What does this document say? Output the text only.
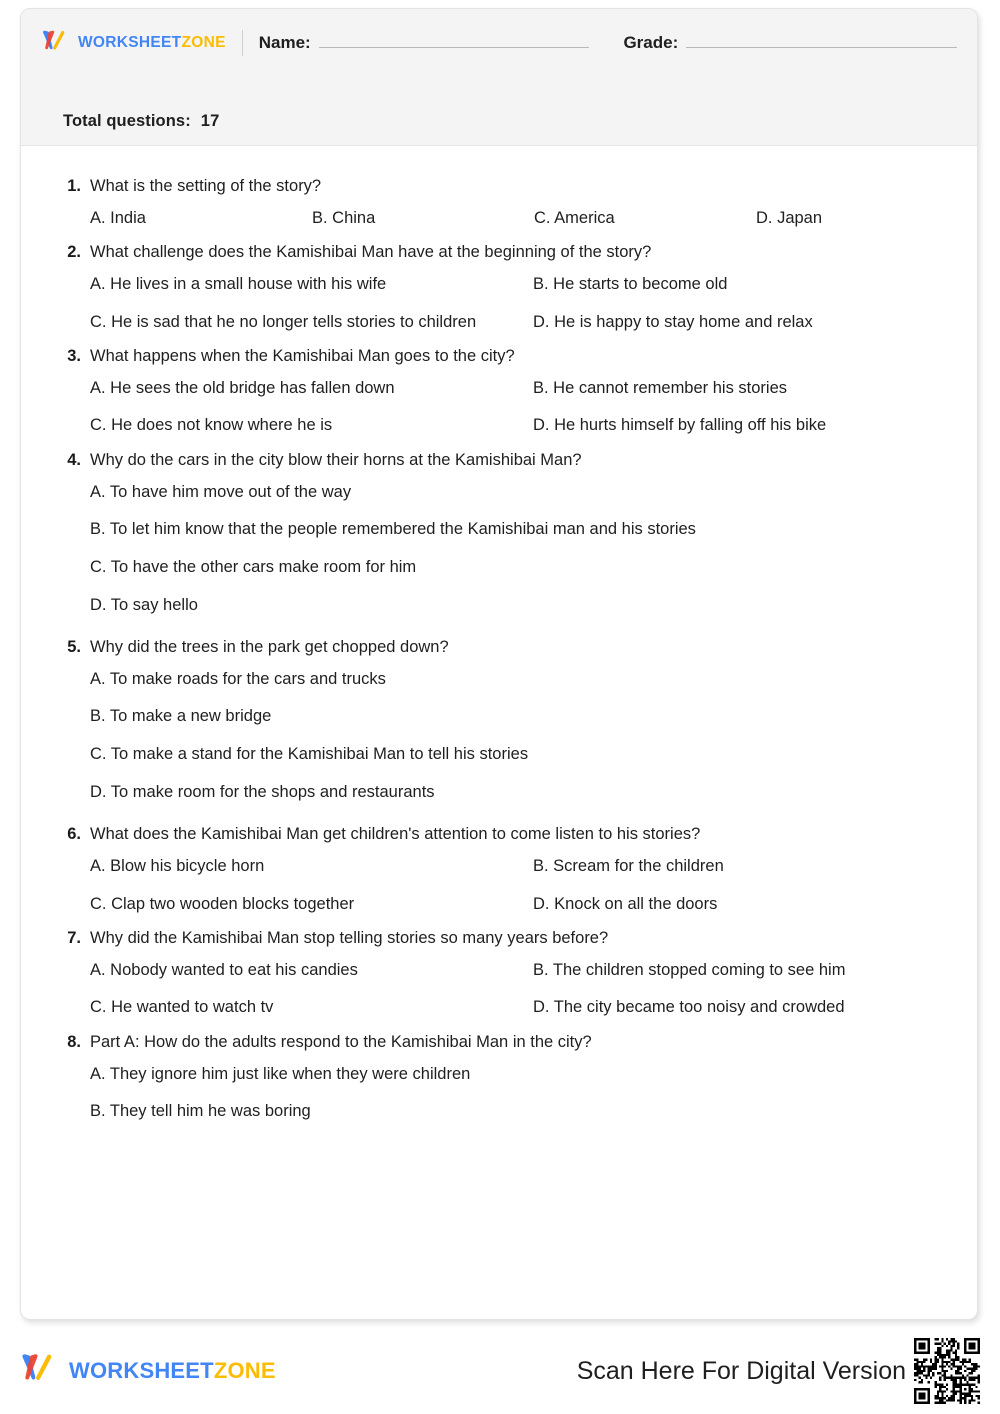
WORKSHEETZONE Name:	Grade:
Total questions: 17
1. What is the setting of the story?
A. India	B. China	C. America	D. Japan
2. What challenge does the Kamishibai Man have at the beginning of the story?
A. He lives in a small house with his wife	B. He starts to become old
C. He is sad that he no longer tells stories to children	D. He is happy to stay home and relax
3. What happens when the Kamishibai Man goes to the city?
A. He sees the old bridge has fallen down	B. He cannot remember his stories
C. He does not know where he is	D. He hurts himself by falling off his bike
4. Why do the cars in the city blow their horns at the Kamishibai Man?
A. To have him move out of the way
B. To let him know that the people remembered the Kamishibai man and his stories
C. To have the other cars make room for him
D. To say hello
5. Why did the trees in the park get chopped down?
A. To make roads for the cars and trucks
B. To make a new bridge
C. To make a stand for the Kamishibai Man to tell his stories
D. To make room for the shops and restaurants
6. What does the Kamishibai Man get children's attention to come listen to his stories?
A. Blow his bicycle horn	B. Scream for the children
C. Clap two wooden blocks together	D. Knock on all the doors
7. Why did the Kamishibai Man stop telling stories so many years before?
A. Nobody wanted to eat his candies	B. The children stopped coming to see him
C. He wanted to watch tv	D. The city became too noisy and crowded
8. Part A: How do the adults respond to the Kamishibai Man in the city?
A. They ignore him just like when they were children
B. They tell him he was boring
WORKSHEETZONE	Scan Here For Digital Version
